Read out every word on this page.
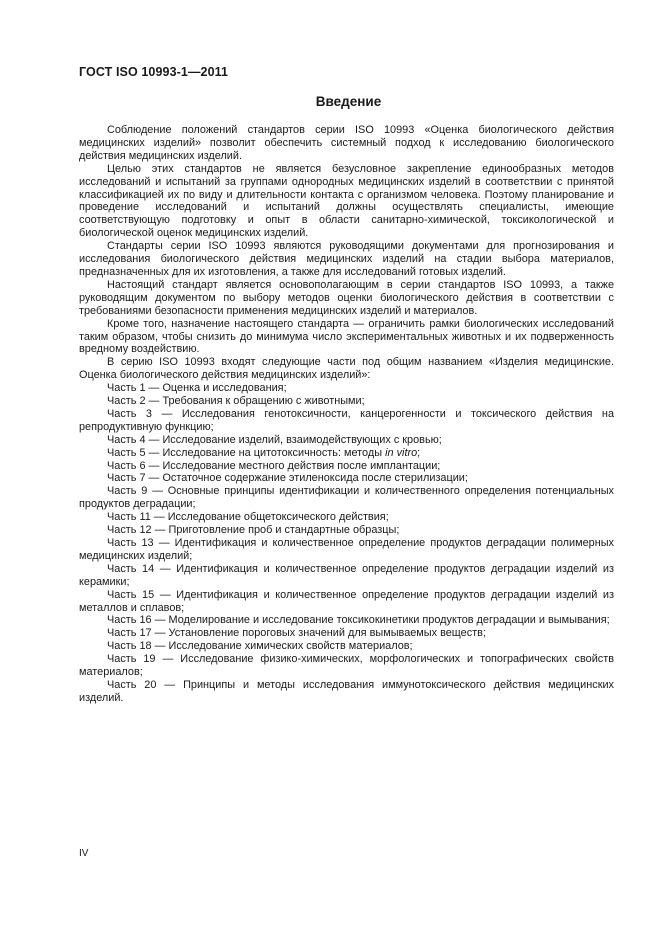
ГОСТ ISO 10993-1—2011
Введение

Соблюдение положений стандартов серии ISO 10993 «Оценка биологического действия медицинских изделий» позволит обеспечить системный подход к исследованию биологического действия медицинских изделий.

Целью этих стандартов не является безусловное закрепление единообразных методов исследований и испытаний за группами однородных медицинских изделий в соответствии с принятой классификацией их по виду и длительности контакта с организмом человека. Поэтому планирование и проведение исследований и испытаний должны осуществлять специалисты, имеющие соответствующую подготовку и опыт в области санитарно-химической, токсикологической и биологической оценок медицинских изделий.

Стандарты серии ISO 10993 являются руководящими документами для прогнозирования и исследования биологического действия медицинских изделий на стадии выбора материалов, предназначенных для их изготовления, а также для исследований готовых изделий.

Настоящий стандарт является основополагающим в серии стандартов ISO 10993, а также руководящим документом по выбору методов оценки биологического действия в соответствии с требованиями безопасности применения медицинских изделий и материалов.

Кроме того, назначение настоящего стандарта — ограничить рамки биологических исследований таким образом, чтобы снизить до минимума число экспериментальных животных и их подверженность вредному воздействию.

В серию ISO 10993 входят следующие части под общим названием «Изделия медицинские. Оценка биологического действия медицинских изделий»:

Часть 1 — Оценка и исследования;

Часть 2 — Требования к обращению с животными;

Часть 3 — Исследования генотоксичности, канцерогенности и токсического действия на репродуктивную функцию;

Часть 4 — Исследование изделий, взаимодействующих с кровью;

Часть 5 — Исследование на цитотоксичность: методы in vitro;

Часть 6 — Исследование местного действия после имплантации;

Часть 7 — Остаточное содержание этиленоксида после стерилизации;

Часть 9 — Основные принципы идентификации и количественного определения потенциальных продуктов деградации;

Часть 11 — Исследование общетоксического действия;

Часть 12 — Приготовление проб и стандартные образцы;

Часть 13 — Идентификация и количественное определение продуктов деградации полимерных медицинских изделий;

Часть 14 — Идентификация и количественное определение продуктов деградации изделий из керамики;

Часть 15 — Идентификация и количественное определение продуктов деградации изделий из металлов и сплавов;

Часть 16 — Моделирование и исследование токсикокинетики продуктов деградации и вымывания;

Часть 17 — Установление пороговых значений для вымываемых веществ;

Часть 18 — Исследование химических свойств материалов;

Часть 19 — Исследование физико-химических, морфологических и топографических свойств материалов;

Часть 20 — Принципы и методы исследования иммунотоксического действия медицинских изделий.

IV
